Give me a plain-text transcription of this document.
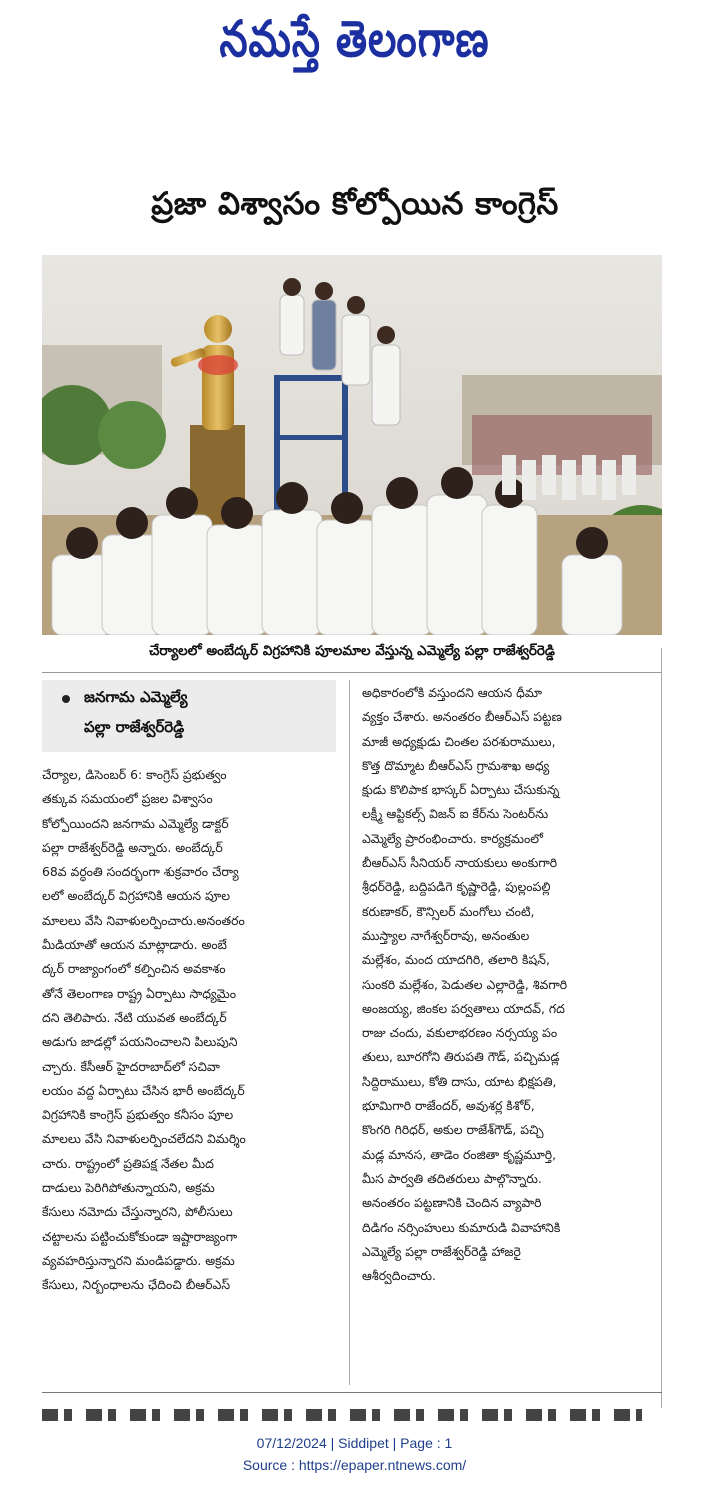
నమస్తే తెలంగాణ
ప్రజా విశ్వాసం కోల్పోయిన కాంగ్రెస్
చేర్యాలలో అంబేద్కర్ విగ్రహానికి పూలమాల వేస్తున్న ఎమ్మెల్యే పల్లా రాజేశ్వర్‌రెడ్డి
జనగామ ఎమ్మెల్యే
పల్లా రాజేశ్వర్‌రెడ్డి
చేర్యాల, డిసెంబర్ 6: కాంగ్రెస్ ప్రభుత్వం
తక్కువ సమయంలో ప్రజల విశ్వాసం
కోల్పోయిందని జనగామ ఎమ్మెల్యే డాక్టర్
పల్లా రాజేశ్వర్‌రెడ్డి అన్నారు. అంబేద్కర్
68వ వర్ధంతి సందర్భంగా శుక్రవారం చేర్యా
లలో అంబేద్కర్ విగ్రహానికి ఆయన పూల
మాలలు వేసి నివాళులర్పించారు.అనంతరం
మీడియాతో ఆయన మాట్లాడారు. అంబే
ద్కర్ రాజ్యాంగంలో కల్పించిన అవకాశం
తోనే తెలంగాణ రాష్ట్ర ఏర్పాటు సాధ్యమైం
దని తెలిపారు. నేటి యువత అంబేద్కర్
అడుగు జాడల్లో పయనించాలని పిలుపుని
చ్చారు. కేసీఆర్ హైదరాబాద్‌లో సచివా
లయం వద్ద ఏర్పాటు చేసిన భారీ అంబేద్కర్
విగ్రహానికి కాంగ్రెస్ ప్రభుత్వం కనీసం పూల
మాలలు వేసి నివాళులర్పించలేదని విమర్శిం
చారు. రాష్ట్రంలో ప్రతిపక్ష నేతల మీద
దాడులు పెరిగిపోతున్నాయని, అక్రమ
కేసులు నమోదు చేస్తున్నారని, పోలీసులు
చట్టాలను పట్టించుకోకుండా ఇష్టారాజ్యంగా
వ్యవహరిస్తున్నారని మండిపడ్డారు. అక్రమ
కేసులు, నిర్బంధాలను ఛేదించి బీఆర్ఎస్
అధికారంలోకి వస్తుందని ఆయన ధీమా
వ్యక్తం చేశారు. అనంతరం బీఆర్ఎస్ పట్టణ
మాజీ అధ్యక్షుడు చింతల పరశురాములు,
కొత్త దొమ్మాట బీఆర్ఎస్ గ్రామశాఖ అధ్య
క్షుడు కొలిపాక భాస్కర్ ఏర్పాటు చేసుకున్న
లక్ష్మీ ఆప్టికల్స్ విజన్ ఐ కేర్‌ను సెంటర్‌ను
ఎమ్మెల్యే ప్రారంభించారు. కార్యక్రమంలో
బీఆర్ఎస్ సీనియర్ నాయకులు అంకుగారి
శ్రీధర్‌రెడ్డి, బద్దిపడిగె కృష్ణారెడ్డి, పుల్లంపల్లి
కరుణాకర్, కౌన్సిలర్ మంగోలు చంటి,
ముస్త్యాల నాగేశ్వర్‌రావు, అనంతుల
మల్లేశం, మంద యాదగిరి, తలారి కిషన్,
సుంకరి మల్లేశం, పెడుతల ఎల్లారెడ్డి, శివగారి
అంజయ్య, జింకల పర్వతాలు యాదవ్, గద
రాజు చందు, వకులాభరణం నర్సయ్య పం
తులు, బూరగోని తిరుపతి గౌడ్, పచ్చిమడ్ల
సిద్దిరాములు, కోతి దాసు, యాట భిక్షపతి,
భూమిగారి రాజేందర్, అవుశర్ల కిశోర్,
కొంగరి గిరిధర్, అకుల రాజేశ్‌గౌడ్, పచ్చి
మడ్ల మానస, తాడెం రంజితా కృష్ణమూర్తి,
మీస పార్వతి తదితరులు పాల్గొన్నారు.
అనంతరం పట్టణానికి చెందిన వ్యాపారి
దిడిగం నర్సింహులు కుమారుడి వివాహానికి
ఎమ్మెల్యే పల్లా రాజేశ్వర్‌రెడ్డి హాజరై
ఆశీర్వదించారు.
07/12/2024 | Siddipet | Page : 1
Source : https://epaper.ntnews.com/
